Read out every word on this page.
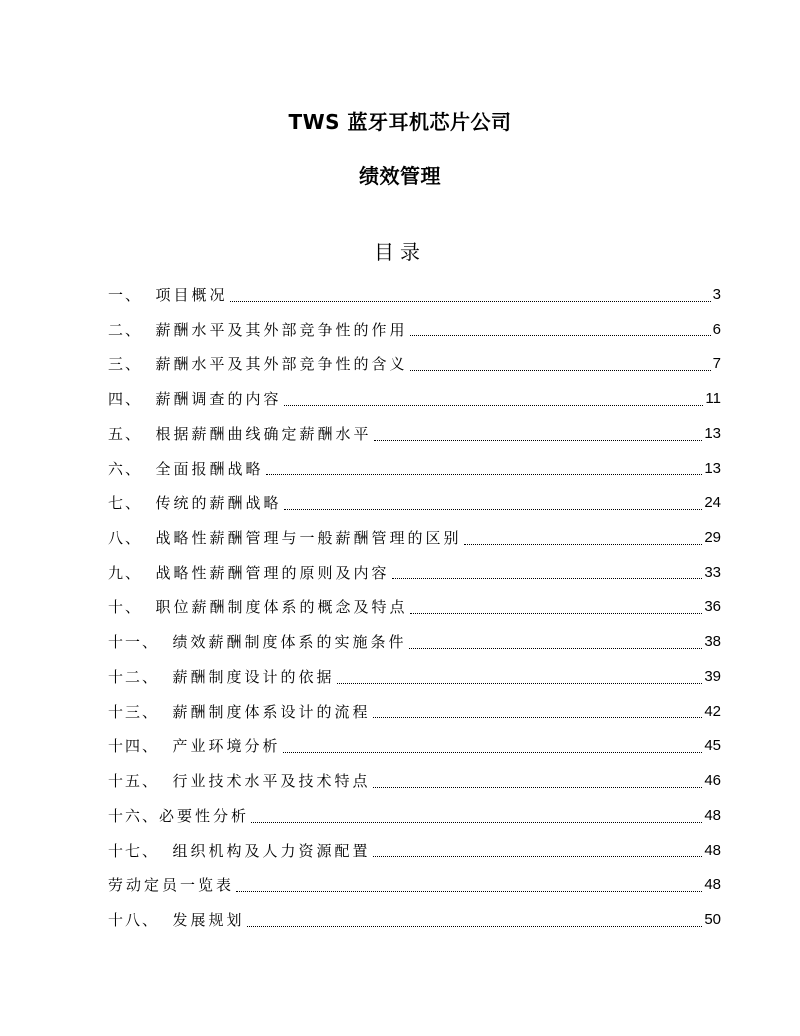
TWS 蓝牙耳机芯片公司
绩效管理
目录
一、 项目概况	3
二、 薪酬水平及其外部竞争性的作用	6
三、 薪酬水平及其外部竞争性的含义	7
四、 薪酬调查的内容	11
五、 根据薪酬曲线确定薪酬水平	13
六、 全面报酬战略	13
七、 传统的薪酬战略	24
八、 战略性薪酬管理与一般薪酬管理的区别	29
九、 战略性薪酬管理的原则及内容	33
十、 职位薪酬制度体系的概念及特点	36
十一、 绩效薪酬制度体系的实施条件	38
十二、 薪酬制度设计的依据	39
十三、 薪酬制度体系设计的流程	42
十四、 产业环境分析	45
十五、 行业技术水平及技术特点	46
十六、 必要性分析	48
十七、 组织机构及人力资源配置	48
劳动定员一览表	48
十八、 发展规划	50
